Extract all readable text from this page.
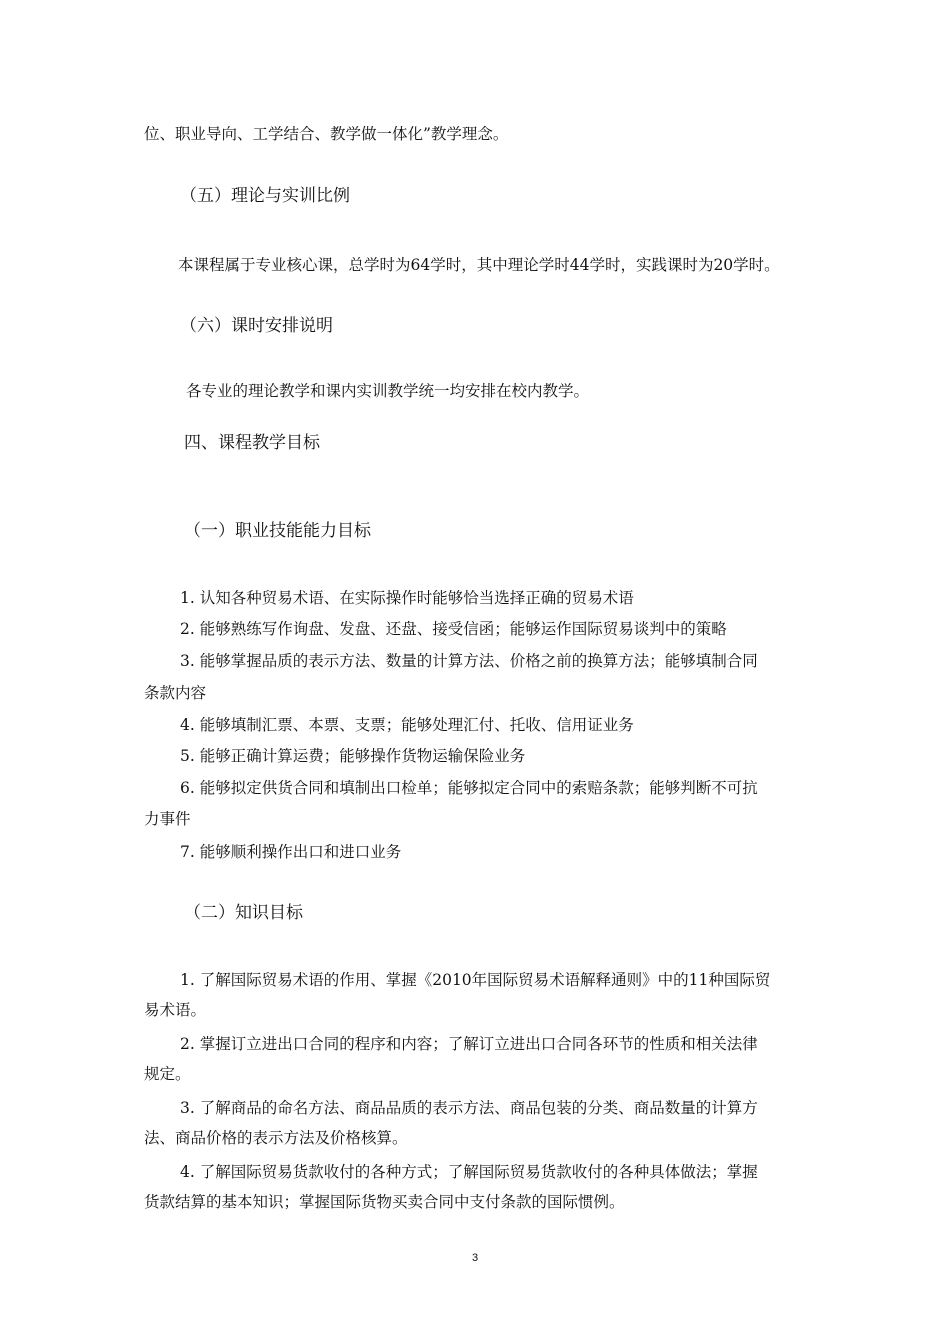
位、职业导向、工学结合、教学做一体化”教学理念。
（五）理论与实训比例
本课程属于专业核心课，总学时为64学时，其中理论学时44学时，实践课时为20学时。
（六）课时安排说明
各专业的理论教学和课内实训教学统一均安排在校内教学。
四、课程教学目标
（一）职业技能能力目标
1. 认知各种贸易术语、在实际操作时能够恰当选择正确的贸易术语
2. 能够熟练写作询盘、发盘、还盘、接受信函；能够运作国际贸易谈判中的策略
3. 能够掌握品质的表示方法、数量的计算方法、价格之前的换算方法；能够填制合同
条款内容
4. 能够填制汇票、本票、支票；能够处理汇付、托收、信用证业务
5. 能够正确计算运费；能够操作货物运输保险业务
6. 能够拟定供货合同和填制出口检单；能够拟定合同中的索赔条款；能够判断不可抗
力事件
7. 能够顺利操作出口和进口业务
（二）知识目标
1. 了解国际贸易术语的作用、掌握《2010年国际贸易术语解释通则》中的11种国际贸
易术语。
2. 掌握订立进出口合同的程序和内容；了解订立进出口合同各环节的性质和相关法律
规定。
3. 了解商品的命名方法、商品品质的表示方法、商品包装的分类、商品数量的计算方
法、商品价格的表示方法及价格核算。
4. 了解国际贸易货款收付的各种方式；了解国际贸易货款收付的各种具体做法；掌握
货款结算的基本知识；掌握国际货物买卖合同中支付条款的国际惯例。
3
